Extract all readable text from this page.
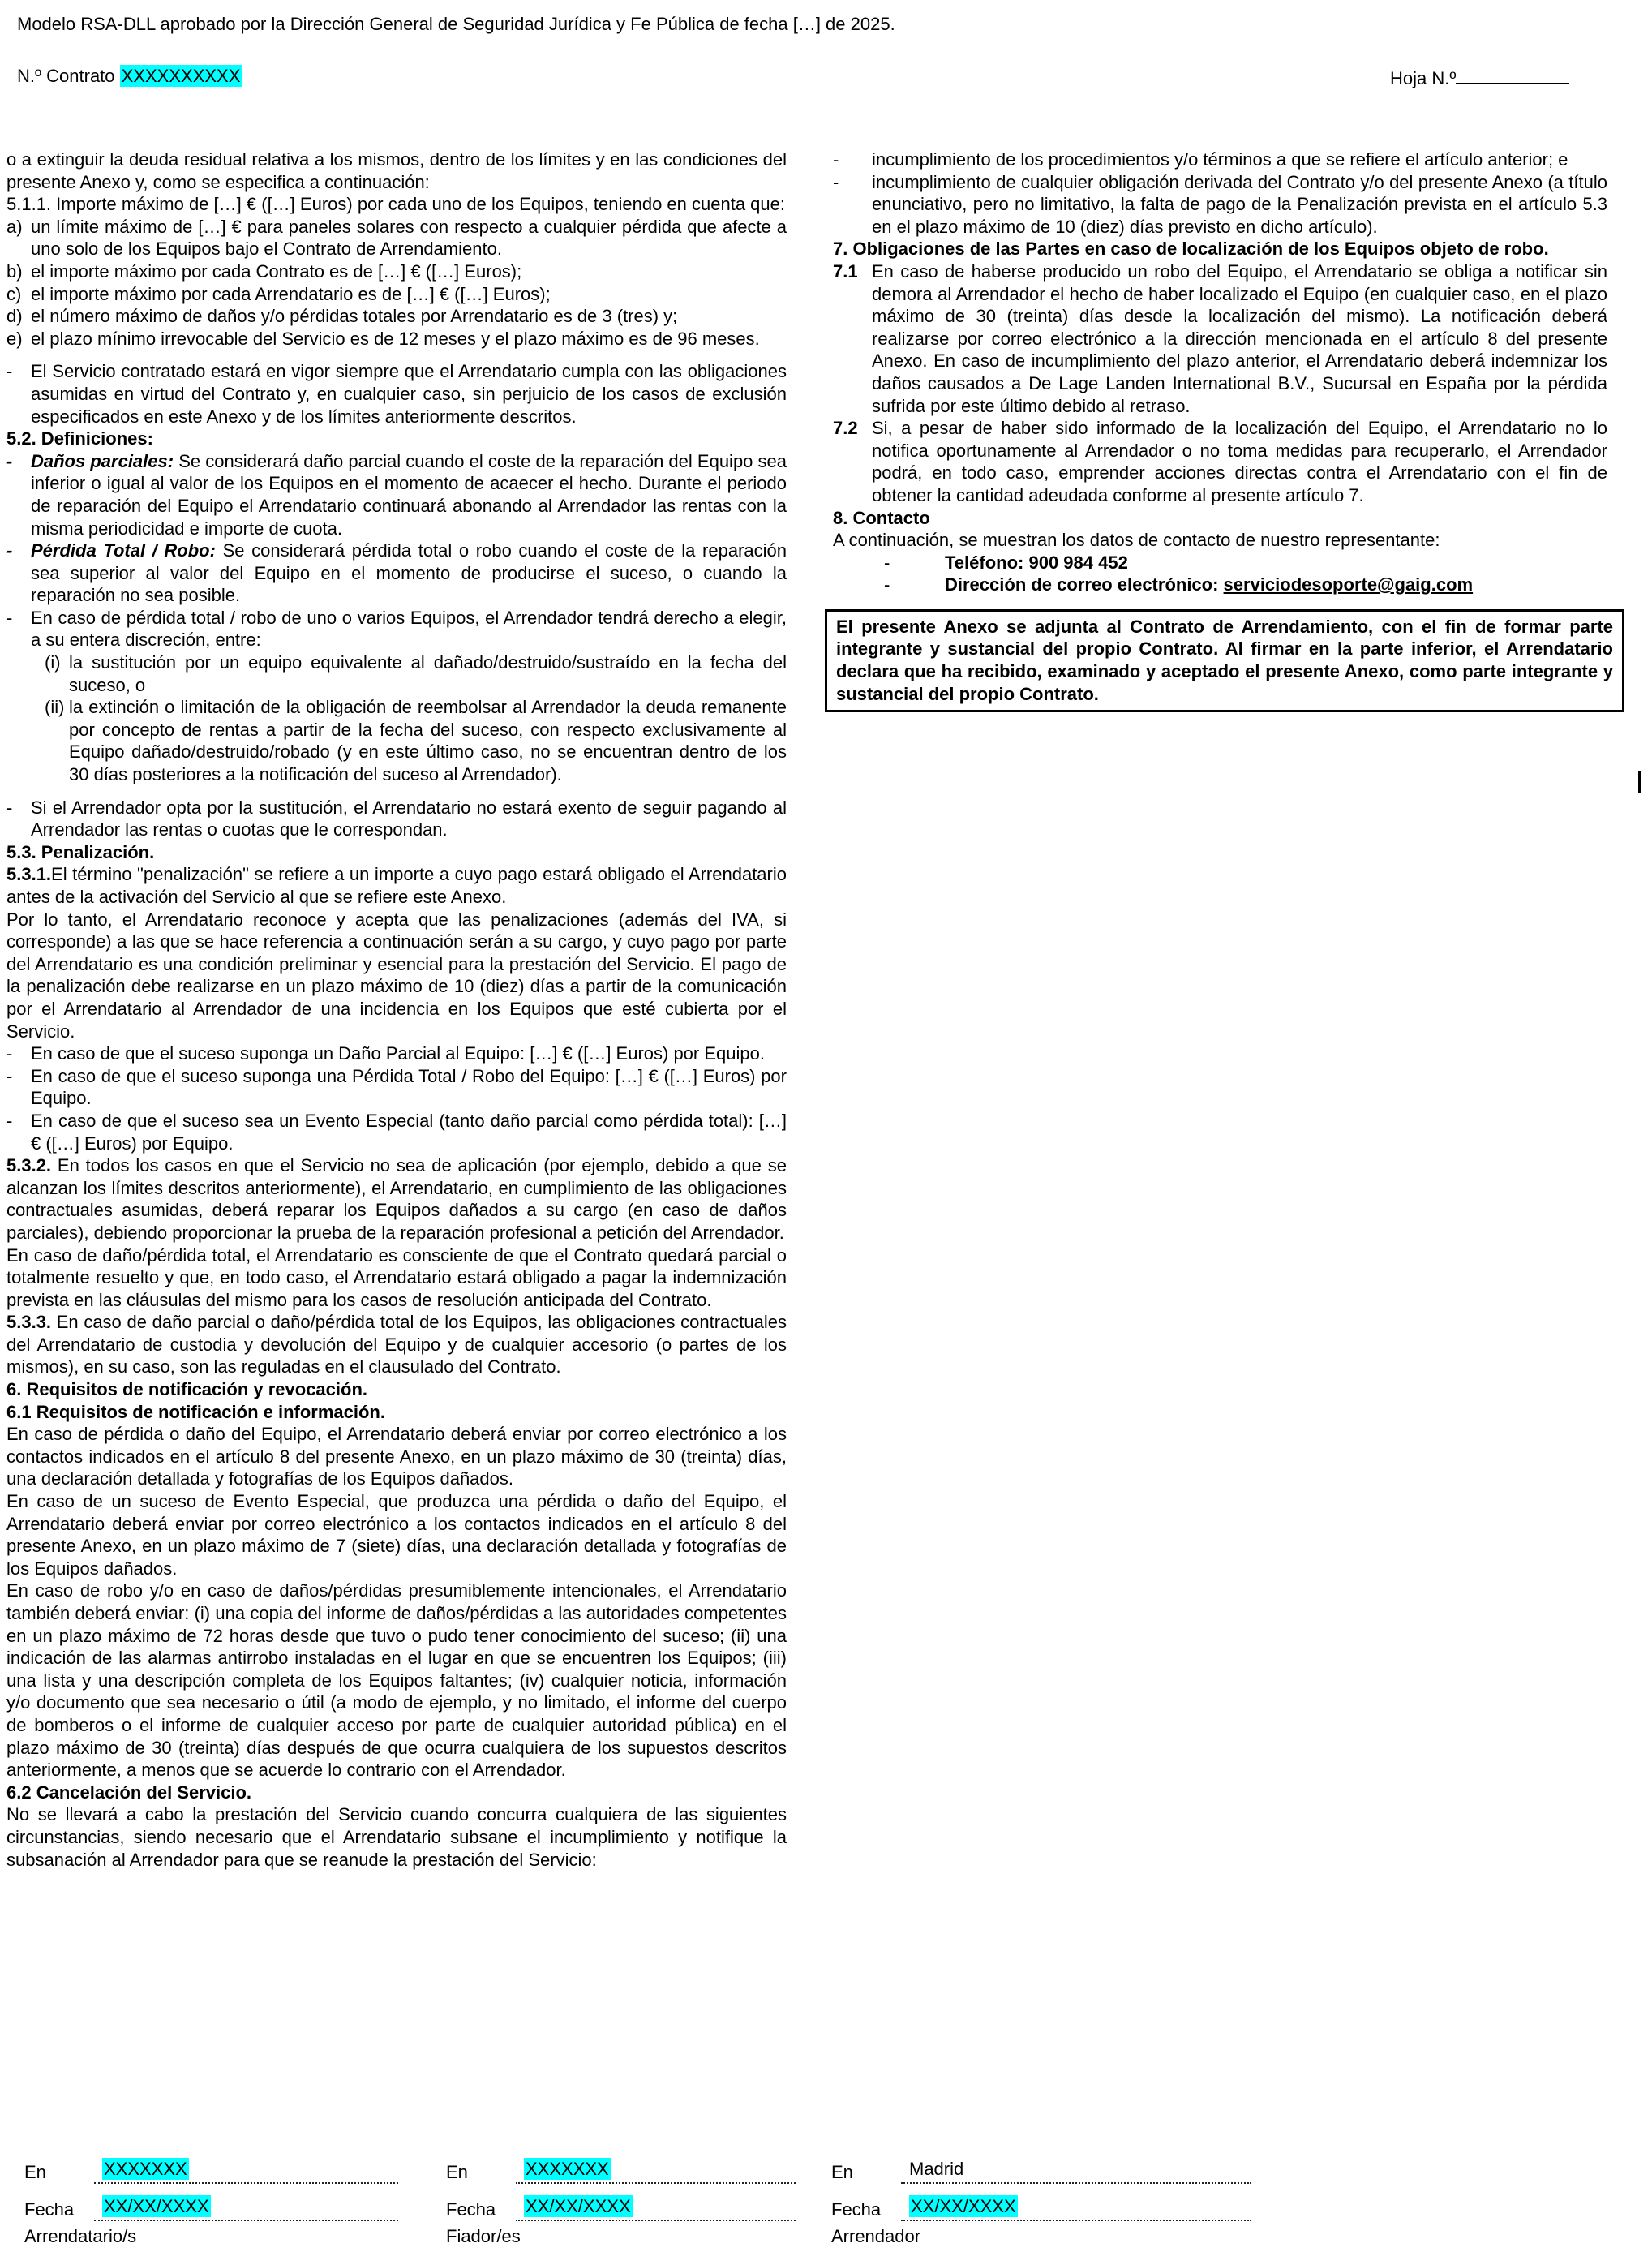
Modelo RSA-DLL aprobado por la Dirección General de Seguridad Jurídica y Fe Pública de fecha […] de 2025.
N.º Contrato XXXXXXXXXX	Hoja N.º

o a extinguir la deuda residual relativa a los mismos, dentro de los límites y en las condiciones del presente Anexo y, como se especifica a continuación:

5.1.1. Importe máximo de […] € ([…] Euros) por cada uno de los Equipos, teniendo en cuenta que:

a) un límite máximo de […] € para paneles solares con respecto a cualquier pérdida que afecte a uno solo de los Equipos bajo el Contrato de Arrendamiento.
b) el importe máximo por cada Contrato es de […] € ([…] Euros);
c) el importe máximo por cada Arrendatario es de […] € ([…] Euros);
d) el número máximo de daños y/o pérdidas totales por Arrendatario es de 3 (tres) y;
e) el plazo mínimo irrevocable del Servicio es de 12 meses y el plazo máximo es de 96 meses.
- El Servicio contratado estará en vigor siempre que el Arrendatario cumpla con las obligaciones asumidas en virtud del Contrato y, en cualquier caso, sin perjuicio de los casos de exclusión especificados en este Anexo y de los límites anteriormente descritos.

5.2. Definiciones:

- Daños parciales: Se considerará daño parcial cuando el coste de la reparación del Equipo sea inferior o igual al valor de los Equipos en el momento de acaecer el hecho. Durante el periodo de reparación del Equipo el Arrendatario continuará abonando al Arrendador las rentas con la misma periodicidad e importe de cuota.
- Pérdida Total / Robo: Se considerará pérdida total o robo cuando el coste de la reparación sea superior al valor del Equipo en el momento de producirse el suceso, o cuando la reparación no sea posible.
- En caso de pérdida total / robo de uno o varios Equipos, el Arrendador tendrá derecho a elegir, a su entera discreción, entre:
(i) la sustitución por un equipo equivalente al dañado/destruido/sustraído en la fecha del suceso, o
(ii) la extinción o limitación de la obligación de reembolsar al Arrendador la deuda remanente por concepto de rentas a partir de la fecha del suceso, con respecto exclusivamente al Equipo dañado/destruido/robado (y en este último caso, no se encuentran dentro de los 30 días posteriores a la notificación del suceso al Arrendador).
- Si el Arrendador opta por la sustitución, el Arrendatario no estará exento de seguir pagando al Arrendador las rentas o cuotas que le correspondan.

5.3. Penalización.

5.3.1.El término "penalización" se refiere a un importe a cuyo pago estará obligado el Arrendatario antes de la activación del Servicio al que se refiere este Anexo.

Por lo tanto, el Arrendatario reconoce y acepta que las penalizaciones (además del IVA, si corresponde) a las que se hace referencia a continuación serán a su cargo, y cuyo pago por parte del Arrendatario es una condición preliminar y esencial para la prestación del Servicio. El pago de la penalización debe realizarse en un plazo máximo de 10 (diez) días a partir de la comunicación por el Arrendatario al Arrendador de una incidencia en los Equipos que esté cubierta por el Servicio.

- En caso de que el suceso suponga un Daño Parcial al Equipo: […] € ([…] Euros) por Equipo.
- En caso de que el suceso suponga una Pérdida Total / Robo del Equipo: […] € ([…] Euros) por Equipo.
- En caso de que el suceso sea un Evento Especial (tanto daño parcial como pérdida total): […] € ([…] Euros) por Equipo.

5.3.2. En todos los casos en que el Servicio no sea de aplicación (por ejemplo, debido a que se alcanzan los límites descritos anteriormente), el Arrendatario, en cumplimiento de las obligaciones contractuales asumidas, deberá reparar los Equipos dañados a su cargo (en caso de daños parciales), debiendo proporcionar la prueba de la reparación profesional a petición del Arrendador.

En caso de daño/pérdida total, el Arrendatario es consciente de que el Contrato quedará parcial o totalmente resuelto y que, en todo caso, el Arrendatario estará obligado a pagar la indemnización prevista en las cláusulas del mismo para los casos de resolución anticipada del Contrato.

5.3.3. En caso de daño parcial o daño/pérdida total de los Equipos, las obligaciones contractuales del Arrendatario de custodia y devolución del Equipo y de cualquier accesorio (o partes de los mismos), en su caso, son las reguladas en el clausulado del Contrato.

6. Requisitos de notificación y revocación.

6.1 Requisitos de notificación e información.

En caso de pérdida o daño del Equipo, el Arrendatario deberá enviar por correo electrónico a los contactos indicados en el artículo 8 del presente Anexo, en un plazo máximo de 30 (treinta) días, una declaración detallada y fotografías de los Equipos dañados.

En caso de un suceso de Evento Especial, que produzca una pérdida o daño del Equipo, el Arrendatario deberá enviar por correo electrónico a los contactos indicados en el artículo 8 del presente Anexo, en un plazo máximo de 7 (siete) días, una declaración detallada y fotografías de los Equipos dañados.

En caso de robo y/o en caso de daños/pérdidas presumiblemente intencionales, el Arrendatario también deberá enviar: (i) una copia del informe de daños/pérdidas a las autoridades competentes en un plazo máximo de 72 horas desde que tuvo o pudo tener conocimiento del suceso; (ii) una indicación de las alarmas antirrobo instaladas en el lugar en que se encuentren los Equipos; (iii) una lista y una descripción completa de los Equipos faltantes; (iv) cualquier noticia, información y/o documento que sea necesario o útil (a modo de ejemplo, y no limitado, el informe del cuerpo de bomberos o el informe de cualquier acceso por parte de cualquier autoridad pública) en el plazo máximo de 30 (treinta) días después de que ocurra cualquiera de los supuestos descritos anteriormente, a menos que se acuerde lo contrario con el Arrendador.

6.2 Cancelación del Servicio.

No se llevará a cabo la prestación del Servicio cuando concurra cualquiera de las siguientes circunstancias, siendo necesario que el Arrendatario subsane el incumplimiento y notifique la subsanación al Arrendador para que se reanude la prestación del Servicio:

- incumplimiento de los procedimientos y/o términos a que se refiere el artículo anterior; e
- incumplimiento de cualquier obligación derivada del Contrato y/o del presente Anexo (a título enunciativo, pero no limitativo, la falta de pago de la Penalización prevista en el artículo 5.3 en el plazo máximo de 10 (diez) días previsto en dicho artículo).

7. Obligaciones de las Partes en caso de localización de los Equipos objeto de robo.

7.1 En caso de haberse producido un robo del Equipo, el Arrendatario se obliga a notificar sin demora al Arrendador el hecho de haber localizado el Equipo (en cualquier caso, en el plazo máximo de 30 (treinta) días desde la localización del mismo). La notificación deberá realizarse por correo electrónico a la dirección mencionada en el artículo 8 del presente Anexo. En caso de incumplimiento del plazo anterior, el Arrendatario deberá indemnizar los daños causados a De Lage Landen International B.V., Sucursal en España por la pérdida sufrida por este último debido al retraso.
7.2 Si, a pesar de haber sido informado de la localización del Equipo, el Arrendatario no lo notifica oportunamente al Arrendador o no toma medidas para recuperarlo, el Arrendador podrá, en todo caso, emprender acciones directas contra el Arrendatario con el fin de obtener la cantidad adeudada conforme al presente artículo 7.

8. Contacto

A continuación, se muestran los datos de contacto de nuestro representante:

-	Teléfono: 900 984 452
-	Dirección de correo electrónico: serviciodesoporte@gaig.com
El presente Anexo se adjunta al Contrato de Arrendamiento, con el fin de formar parte integrante y sustancial del propio Contrato. Al firmar en la parte inferior, el Arrendatario declara que ha recibido, examinado y aceptado el presente Anexo, como parte integrante y sustancial del propio Contrato.
En	XXXXXXX
Fecha	XX/XX/XXXX
Arrendatario/s
En	XXXXXXX
Fecha	XX/XX/XXXX
Fiador/es
En	Madrid
Fecha	XX/XX/XXXX
Arrendador
